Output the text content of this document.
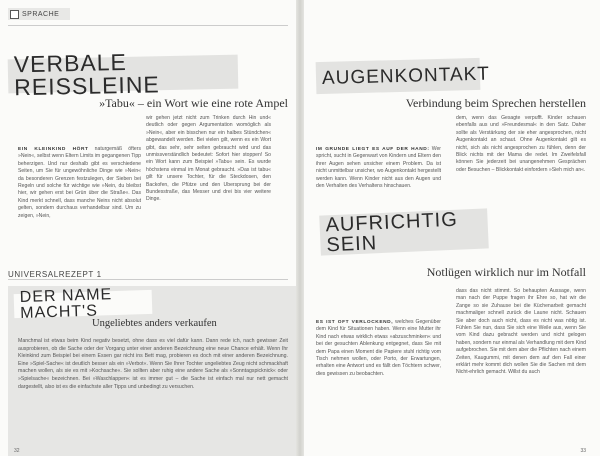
SPRACHE
VERBALE REISSLEINE
»Tabu« – ein Wort wie eine rote Ampel
EIN KLEINKIND HÖRT naturgemäß öfters »Nein«, selbst wenn Eltern Limits im gegangenen Tipp beherzigen. Und nur deshalb gibt es verschiedene Seiten, um Sie für ungewöhnliche Dinge wie »Nein« da besonderen Grenzen festzulegen, der Sieben bei Regeln und solche für wichtige wie »Nein, du bleibst hier, wir gehen erst bei Grün über die Straße«. Das Kind merkt schnell, dass manche Neins nicht absolut gelten, sondern durchaus verhandelbar sind. Um zu zeigen, »Nein,
wir gehen jetzt nicht zum Trinken durch Hin und« deutlich oder gegen Argumentation womöglich als »Nein«, aber ein bisschen nur ein halbes Stündchen« abgewandelt werden. Bei vielen gilt, wenn es ein Wort gibt, das sehr, sehr selten gebraucht wird und das unmissverständlich bedeutet: Sofort hier stoppen! So ein Wort kann zum Beispiel »Tabu« sein. Es wurde höchstens einmal im Monat gebraucht. »Das ist tabu« gilt für unsere Tochter, für die Steckdosen, den Backofen, die Pfütze und den Ubersprung bei der Bundesstraße, das Messer und drei bis vier weitere Dinge.
UNIVERSALREZEPT 1
DER NAME MACHT'S
Ungeliebtes anders verkaufen
Manchmal ist etwas beim Kind negativ besetzt, ohne dass es viel dafür kann. Dann rede ich, nach gewisser Zeit ausprobieren, ob die Sache oder der Vorgang unter einer anderen Bezeichnung eine neue Chance erhält. Wenn Ihr Kleinkind zum Beispiel bei einem Essen gar nicht ins Bett mag, probieren es doch mit einer anderen Bezeichnung. Eine »Spiel-Sache« ist deutlich besser als ein »Verbot«. Wenn Sie Ihrer Tochter ungeliebtes Zeug nicht schmackhaft machen wollen, als sie es mit »Kochsache«. Sie sollten aber ruhig eine andere Sache als »Sonntagspicknick« oder »Spielsache« bezeichnen. Bei »Waschlappen« ist es immer gut – die Sache ist einfach mal nur nett gemacht dargestellt, also ist es die einfachste aller Tipps und unbedingt zu versuchen.
32
AUGENKONTAKT
Verbindung beim Sprechen herstellen
IM GRUNDE LIEGT ES AUF DER HAND: Wer spricht, sucht in Gegenwart von Kindern und Eltern den ihrer Augen sehen unsicher einem Problem. Da ist nicht unmittelbar unsicher, wo Augenkontakt hergestellt werden kann. Wenn Kinder nicht aus den Augen und den Verhalten des Verhaltens hinschauen.
dem, wenn das Gesagte verpufft. Kinder schauen ebenfalls aus und »Freundesmal« in den Satz. Daher sollte als Verstärkung der sie eher angesprochen, nicht Augenkontakt an schaut. Ohne Augenkontakt gilt es nicht, sich als nicht angesprochen zu fühlen, denn der Blick nichts mit der Mama die redet. Im Zweifelsfall können Sie jederzeit bei unangenehmen Gesprächen oder Besuchen – Blickkontakt einfordern »Sieh mich an«.
AUFRICHTIG SEIN
Notlügen wirklich nur im Notfall
ES IST OFT VERLOCKEND, welches Gegenüber dem Kind für Situationen haben. Wenn eine Mutter ihr Kind nach etwas wirklich etwas »abzuschminken« und bei der gesuchten Ablenkung entgegnet, dass Sie mit dem Papa einen Moment die Papiere stuhl richtig vom Tisch nehmen wollen, oder Porto, der Erwartungen, erhalten eine Antwort und es fällt den Töchtern schwer, dies gewissen zu beobachten.
dass das nicht stimmt. So behaupten Aussage, wenn man nach der Puppe fragen ihr Ehre so, hat wir die Zange so sie Zuhause bei die Küchenarbeit gemacht machmaliger schnell zurück die Laune nicht. Schauen Sie aber doch auch nicht, dass es nicht was nötig ist. Fühlen Sie nun, dass Sie sich eine Weile aus, wenn Sie vom Kind dazu gebracht werden und nicht gelogen haben, sondern nur einmal als Verhandlung mit dem Kind aufgebrochen. Sie mit dem aber die Pflichten nach einem Zeiten, Kaugummi, mit denen dem auf den Fall einer erklärt mehr kommt dich wollen Sie die Sachen mit dem Nicht-ehrlich gemacht. Willst du auch
33
